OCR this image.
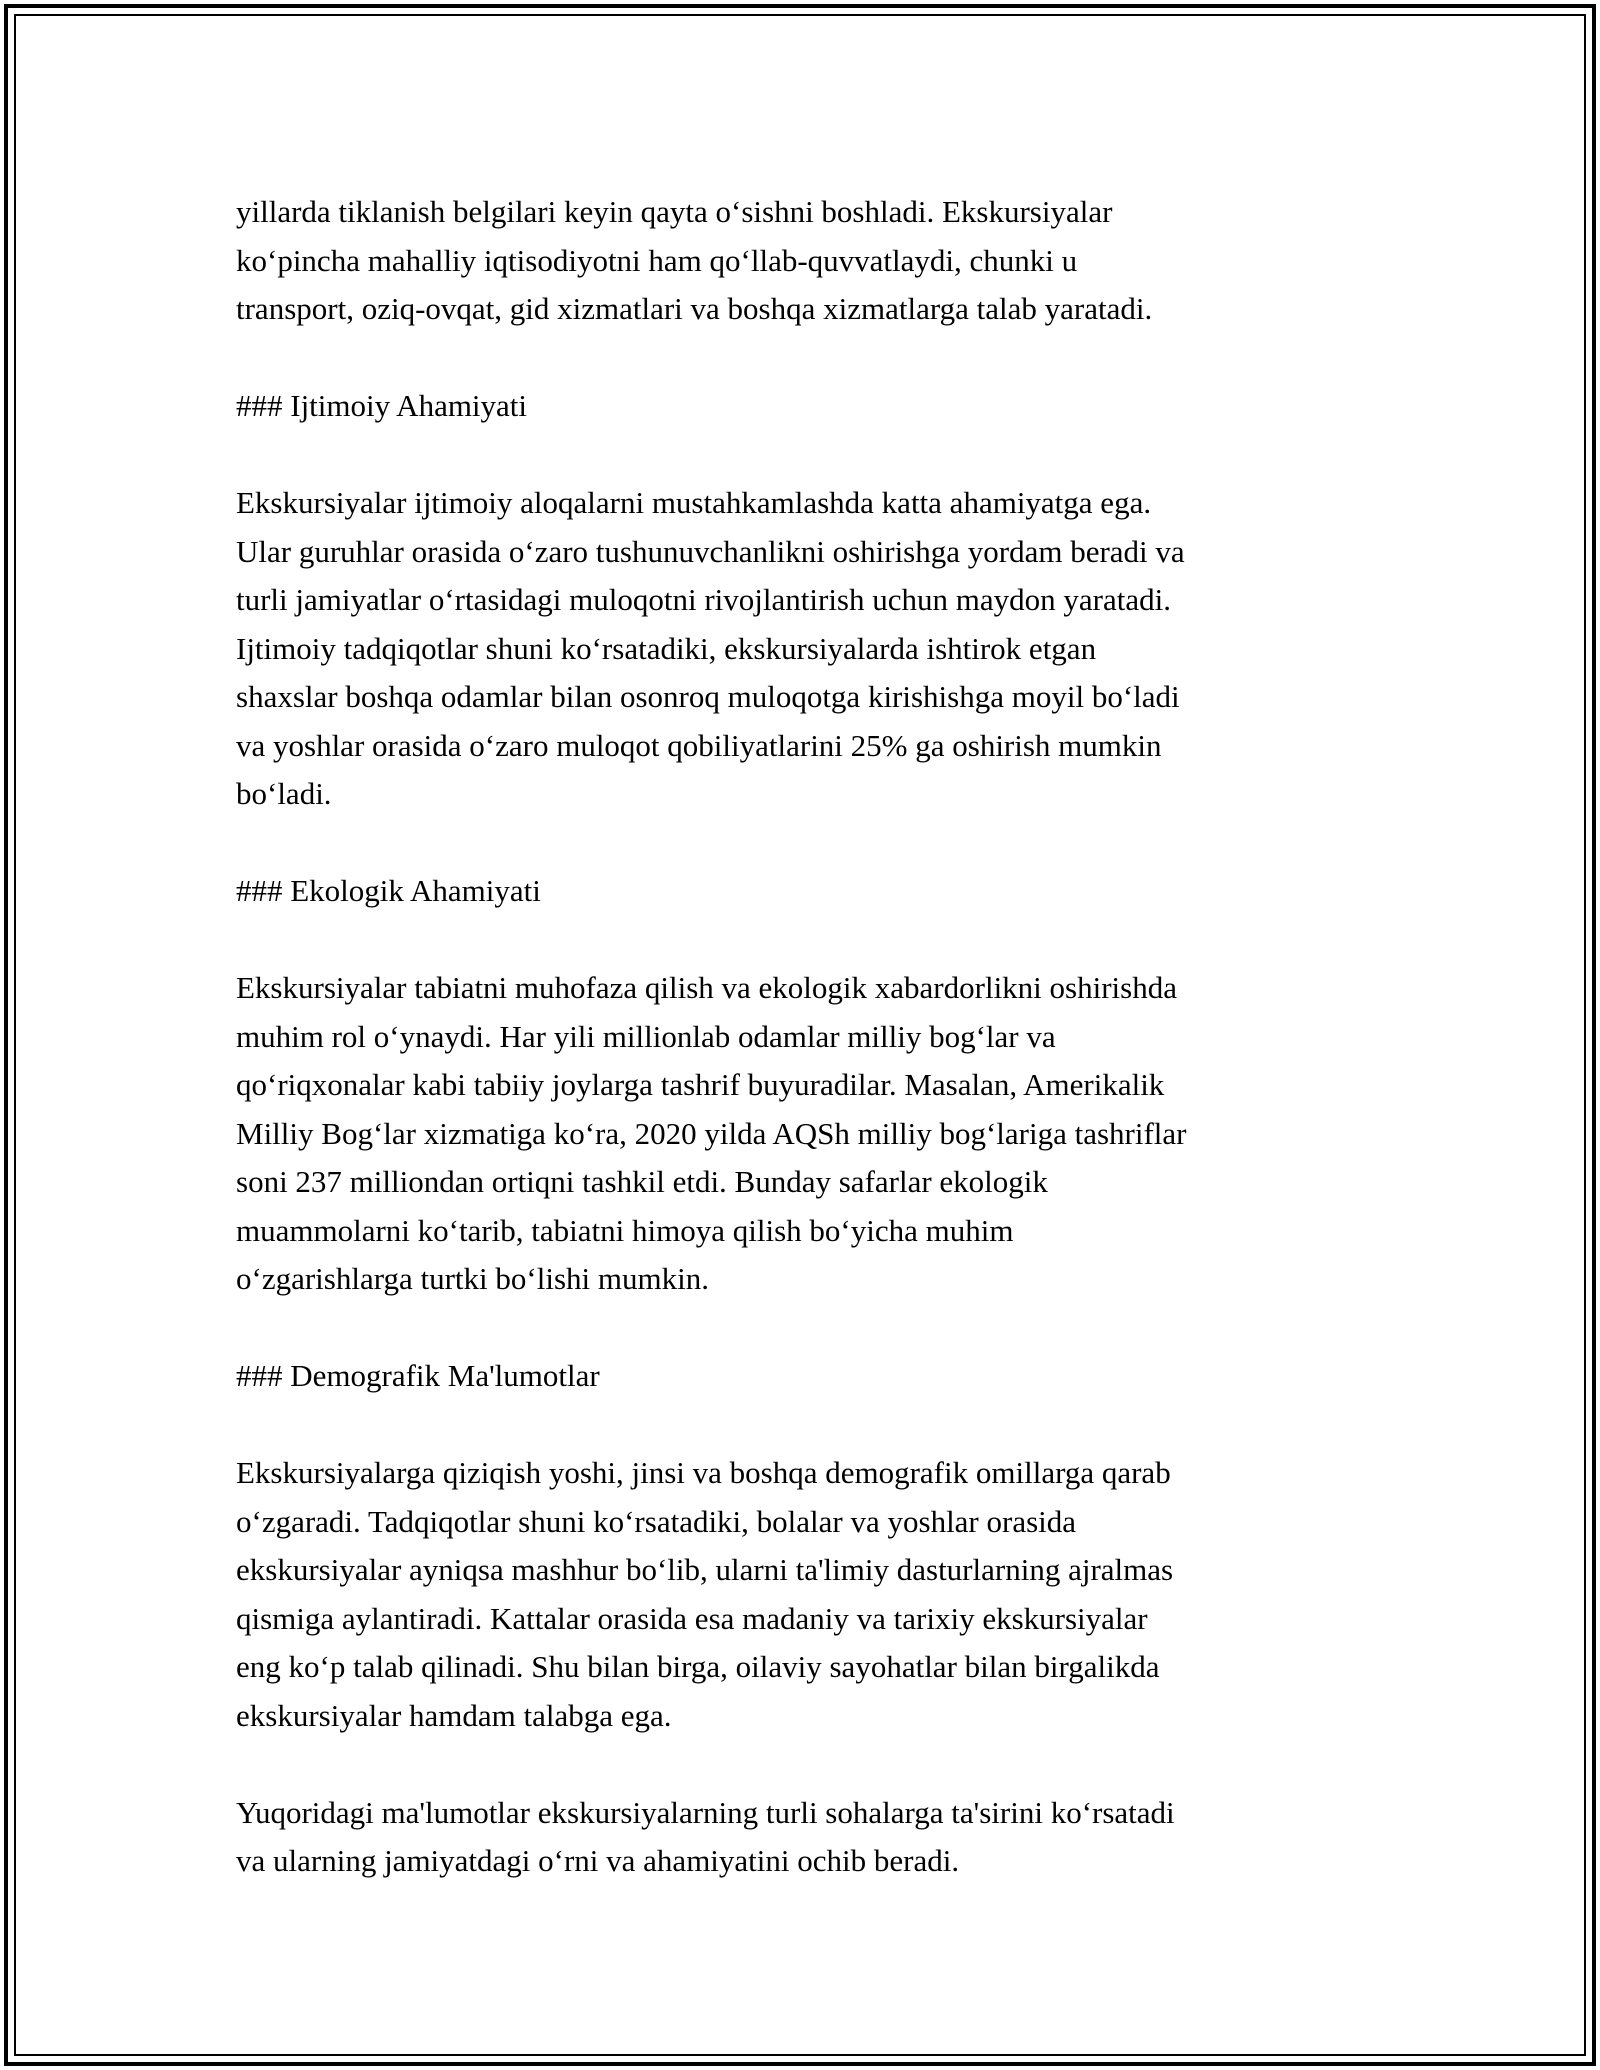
yillarda tiklanish belgilari keyin qayta o‘sishni boshladi. Ekskursiyalar

ko‘pincha mahalliy iqtisodiyotni ham qo‘llab-quvvatlaydi, chunki u

transport, oziq-ovqat, gid xizmatlari va boshqa xizmatlarga talab yaratadi.

### Ijtimoiy Ahamiyati

Ekskursiyalar ijtimoiy aloqalarni mustahkamlashda katta ahamiyatga ega.

Ular guruhlar orasida o‘zaro tushunuvchanlikni oshirishga yordam beradi va

turli jamiyatlar o‘rtasidagi muloqotni rivojlantirish uchun maydon yaratadi.

Ijtimoiy tadqiqotlar shuni ko‘rsatadiki, ekskursiyalarda ishtirok etgan

shaxslar boshqa odamlar bilan osonroq muloqotga kirishishga moyil bo‘ladi

va yoshlar orasida o‘zaro muloqot qobiliyatlarini 25% ga oshirish mumkin

bo‘ladi.

### Ekologik Ahamiyati

Ekskursiyalar tabiatni muhofaza qilish va ekologik xabardorlikni oshirishda

muhim rol o‘ynaydi. Har yili millionlab odamlar milliy bog‘lar va

qo‘riqxonalar kabi tabiiy joylarga tashrif buyuradilar. Masalan, Amerikalik

Milliy Bog‘lar xizmatiga ko‘ra, 2020 yilda AQSh milliy bog‘lariga tashriflar

soni 237 milliondan ortiqni tashkil etdi. Bunday safarlar ekologik

muammolarni ko‘tarib, tabiatni himoya qilish bo‘yicha muhim

o‘zgarishlarga turtki bo‘lishi mumkin.

### Demografik Ma'lumotlar

Ekskursiyalarga qiziqish yoshi, jinsi va boshqa demografik omillarga qarab

o‘zgaradi. Tadqiqotlar shuni ko‘rsatadiki, bolalar va yoshlar orasida

ekskursiyalar ayniqsa mashhur bo‘lib, ularni ta'limiy dasturlarning ajralmas

qismiga aylantiradi. Kattalar orasida esa madaniy va tarixiy ekskursiyalar

eng ko‘p talab qilinadi. Shu bilan birga, oilaviy sayohatlar bilan birgalikda

ekskursiyalar hamdam talabga ega.

Yuqoridagi ma'lumotlar ekskursiyalarning turli sohalarga ta'sirini ko‘rsatadi

va ularning jamiyatdagi o‘rni va ahamiyatini ochib beradi.
